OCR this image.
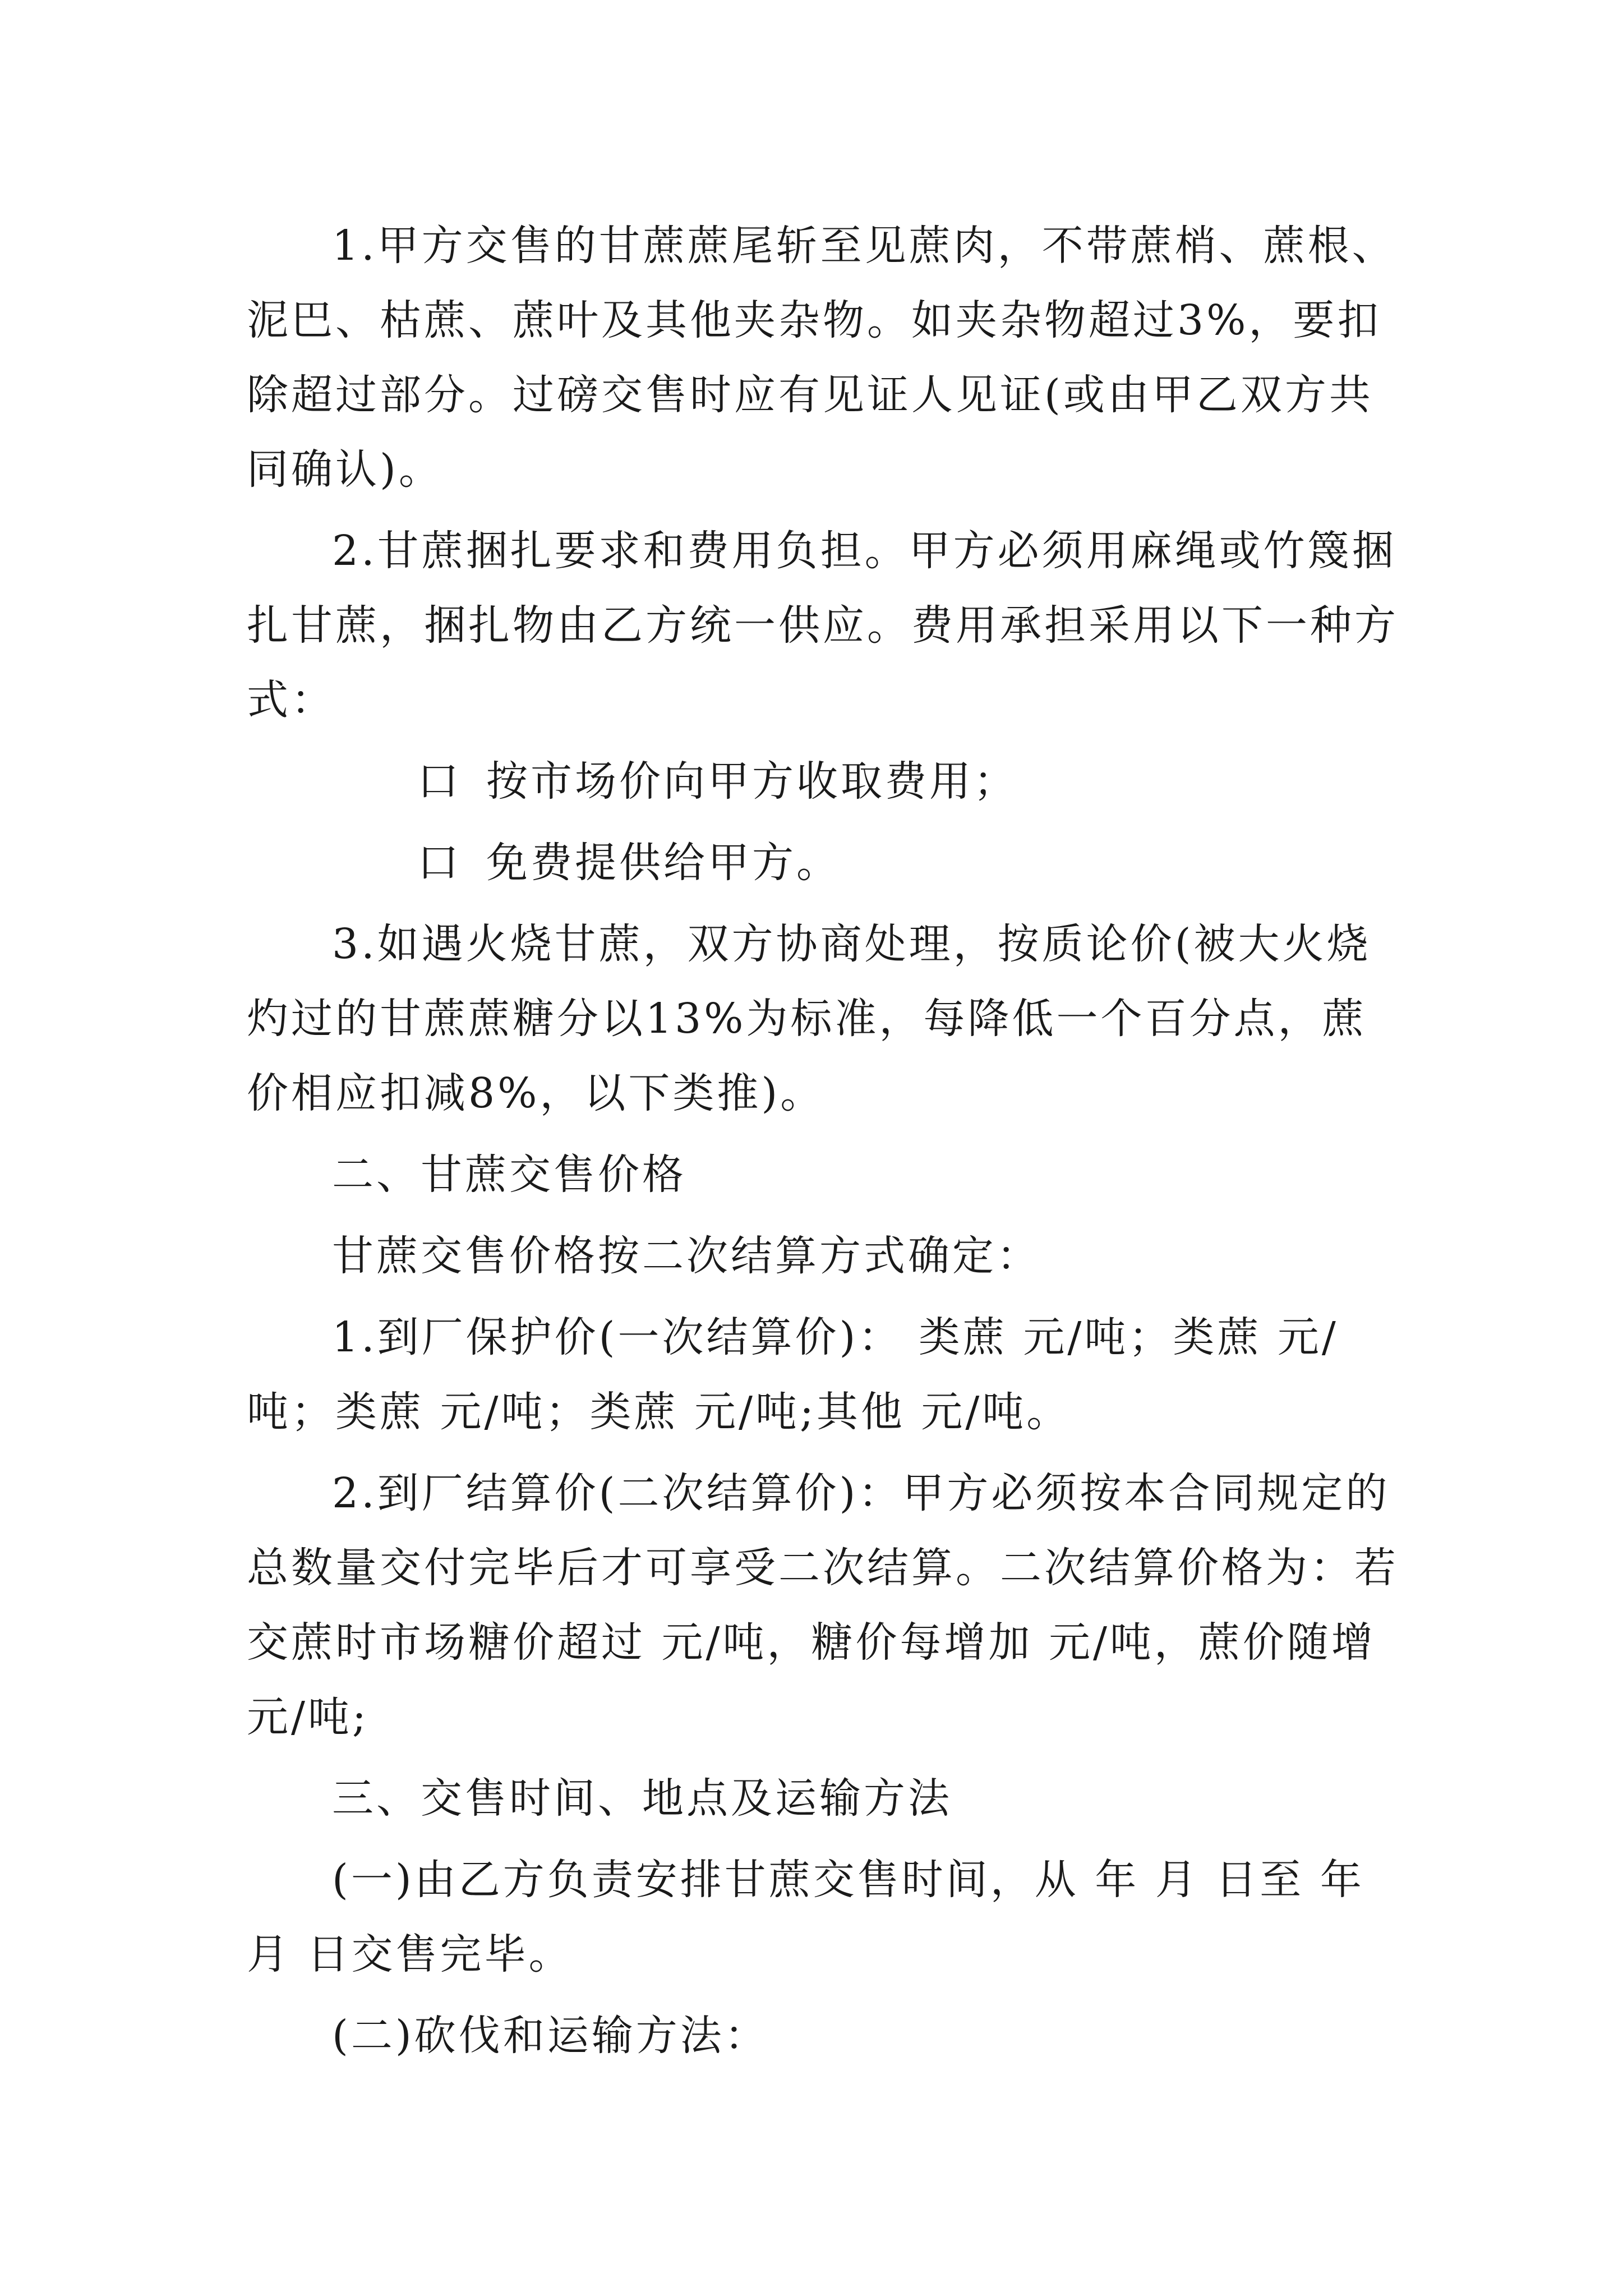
1.甲方交售的甘蔗蔗尾斩至见蔗肉，不带蔗梢、蔗根、泥巴、枯蔗、蔗叶及其他夹杂物。如夹杂物超过3%，要扣除超过部分。过磅交售时应有见证人见证(或由甲乙双方共同确认)。

2.甘蔗捆扎要求和费用负担。甲方必须用麻绳或竹篾捆扎甘蔗，捆扎物由乙方统一供应。费用承担采用以下一种方式：

口 按市场价向甲方收取费用；

口 免费提供给甲方。

3.如遇火烧甘蔗，双方协商处理，按质论价(被大火烧灼过的甘蔗蔗糖分以13%为标准，每降低一个百分点，蔗价相应扣减8%，以下类推)。

二、甘蔗交售价格

甘蔗交售价格按二次结算方式确定：

1.到厂保护价(一次结算价)： 类蔗 元/吨；类蔗 元/吨；类蔗 元/吨；类蔗 元/吨;其他 元/吨。

2.到厂结算价(二次结算价)：甲方必须按本合同规定的总数量交付完毕后才可享受二次结算。二次结算价格为：若交蔗时市场糖价超过 元/吨，糖价每增加 元/吨，蔗价随增元/吨;

三、交售时间、地点及运输方法

(一)由乙方负责安排甘蔗交售时间，从 年 月 日至 年月 日交售完毕。

(二)砍伐和运输方法：
